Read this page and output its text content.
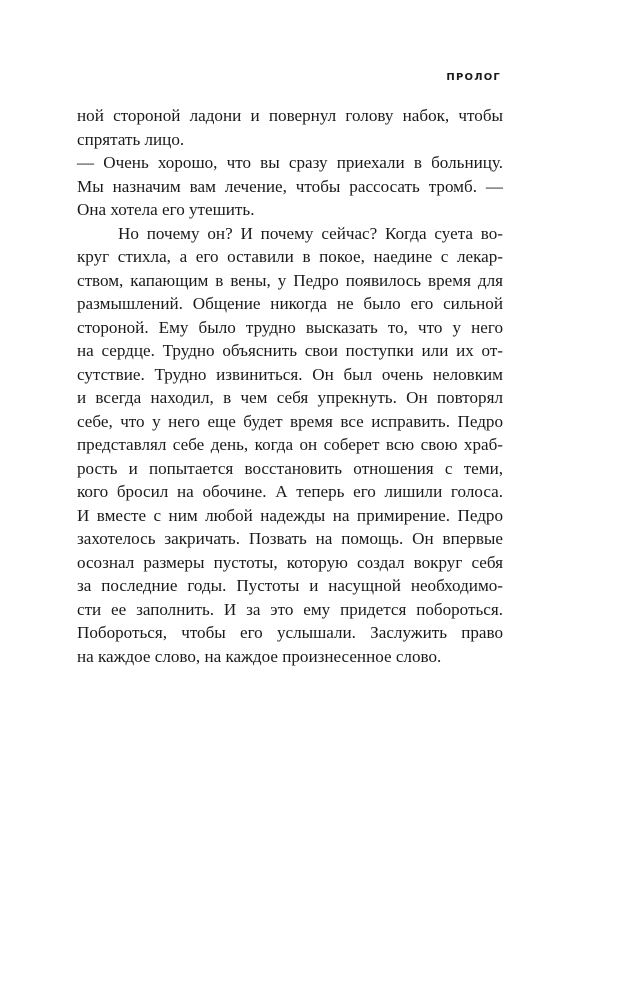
ПРОЛОГ
ной стороной ладони и повернул голову набок, чтобы
спрятать лицо.
— Очень хорошо, что вы сразу приехали в больницу.
Мы назначим вам лечение, чтобы рассосать тромб. —
Она хотела его утешить.
Но почему он? И почему сейчас? Когда суета во-
круг стихла, а его оставили в покое, наедине с лекар-
ством, капающим в вены, у Педро появилось время для
размышлений. Общение никогда не было его сильной
стороной. Ему было трудно высказать то, что у него
на сердце. Трудно объяснить свои поступки или их от-
сутствие. Трудно извиниться. Он был очень неловким
и всегда находил, в чем себя упрекнуть. Он повторял
себе, что у него еще будет время все исправить. Педро
представлял себе день, когда он соберет всю свою храб-
рость и попытается восстановить отношения с теми,
кого бросил на обочине. А теперь его лишили голоса.
И вместе с ним любой надежды на примирение. Педро
захотелось закричать. Позвать на помощь. Он впервые
осознал размеры пустоты, которую создал вокруг себя
за последние годы. Пустоты и насущной необходимо-
сти ее заполнить. И за это ему придется побороться.
Побороться, чтобы его услышали. Заслужить право
на каждое слово, на каждое произнесенное слово.
